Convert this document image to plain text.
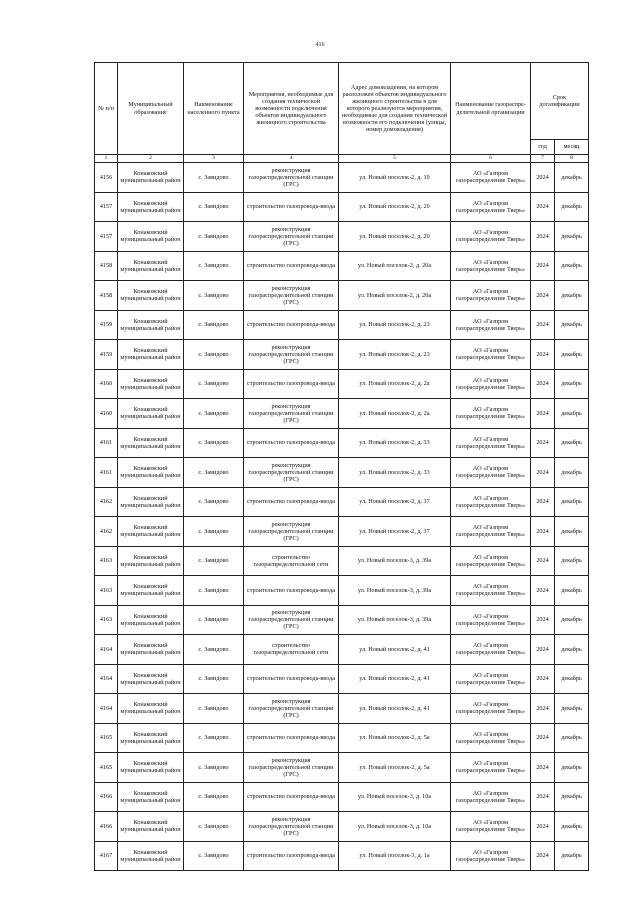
416
№ п/п	Муниципальный образование	Наименование населенного пункта	Мероприятия, необходимые для создания технической возможности подключения объектов индивидуального жилищного строительства	Адрес домовладения, на котором расположен объектов индивидуального жилищного строительства в для которого реализуются мероприятия, необходимые для создания технической возможности его подключения (улицы, номер домовладения)	Наименование газораспре- делительной организации	Срок догазификации	
						год	месяц
1	2	3	4	5	6	7	8
4156	Конаковский муниципальный район	с. Завидово	реконструкция газораспределительной станции (ГРС)	ул. Новый поселок-2, д. 10	АО «Газпром газораспределение Тверь»	2024	декабрь
4157	Конаковский муниципальный район	с. Завидово	строительство газопровода-ввода	ул. Новый поселок-2, д. 20	АО «Газпром газораспределение Тверь»	2024	декабрь
4157	Конаковский муниципальный район	с. Завидово	реконструкция газораспределительной станции (ГРС)	ул. Новый поселок-2, д. 20	АО «Газпром газораспределение Тверь»	2024	декабрь
4158	Конаковский муниципальный район	с. Завидово	строительство газопровода-ввода	ул. Новый поселок-2, д. 20а	АО «Газпром газораспределение Тверь»	2024	декабрь
4158	Конаковский муниципальный район	с. Завидово	реконструкция газораспределительной станции (ГРС)	ул. Новый поселок-2, д. 20а	АО «Газпром газораспределение Тверь»	2024	декабрь
4159	Конаковский муниципальный район	с. Завидово	строительство газопровода-ввода	ул. Новый поселок-2, д. 23	АО «Газпром газораспределение Тверь»	2024	декабрь
4159	Конаковский муниципальный район	с. Завидово	реконструкция газораспределительной станции (ГРС)	ул. Новый поселок-2, д. 23	АО «Газпром газораспределение Тверь»	2024	декабрь
4160	Конаковский муниципальный район	с. Завидово	строительство газопровода-ввода	ул. Новый поселок-2, д. 2а	АО «Газпром газораспределение Тверь»	2024	декабрь
4160	Конаковский муниципальный район	с. Завидово	реконструкция газораспределительной станции (ГРС)	ул. Новый поселок-2, д. 2а	АО «Газпром газораспределение Тверь»	2024	декабрь
4161	Конаковский муниципальный район	с. Завидово	строительство газопровода-ввода	ул. Новый поселок-2, д. 33	АО «Газпром газораспределение Тверь»	2024	декабрь
4161	Конаковский муниципальный район	с. Завидово	реконструкция газораспределительной станции (ГРС)	ул. Новый поселок-2, д. 33	АО «Газпром газораспределение Тверь»	2024	декабрь
4162	Конаковский муниципальный район	с. Завидово	строительство газопровода-ввода	ул. Новый поселок-2, д. 37	АО «Газпром газораспределение Тверь»	2024	декабрь
4162	Конаковский муниципальный район	с. Завидово	реконструкция газораспределительной станции (ГРС)	ул. Новый поселок-2, д. 37	АО «Газпром газораспределение Тверь»	2024	декабрь
4163	Конаковский муниципальный район	с. Завидово	строительство газораспределительной сети	ул. Новый поселок-3, д. 39а	АО «Газпром газораспределение Тверь»	2024	декабрь
4163	Конаковский муниципальный район	с. Завидово	строительство газопровода-ввода	ул. Новый поселок-3, д. 39а	АО «Газпром газораспределение Тверь»	2024	декабрь
4163	Конаковский муниципальный район	с. Завидово	реконструкция газораспределительной станции (ГРС)	ул. Новый поселок-3, д. 39а	АО «Газпром газораспределение Тверь»	2024	декабрь
4164	Конаковский муниципальный район	с. Завидово	строительство газораспределительной сети	ул. Новый поселок-2, д. 41	АО «Газпром газораспределение Тверь»	2024	декабрь
4164	Конаковский муниципальный район	с. Завидово	строительство газопровода-ввода	ул. Новый поселок-2, д. 41	АО «Газпром газораспределение Тверь»	2024	декабрь
4164	Конаковский муниципальный район	с. Завидово	реконструкция газораспределительной станции (ГРС)	ул. Новый поселок-2, д. 41	АО «Газпром газораспределение Тверь»	2024	декабрь
4165	Конаковский муниципальный район	с. Завидово	строительство газопровода-ввода	ул. Новый поселок-2, д. 5а	АО «Газпром газораспределение Тверь»	2024	декабрь
4165	Конаковский муниципальный район	с. Завидово	реконструкция газораспределительной станции (ГРС)	ул. Новый поселок-2, д. 5а	АО «Газпром газораспределение Тверь»	2024	декабрь
4166	Конаковский муниципальный район	с. Завидово	строительство газопровода-ввода	ул. Новый поселок-3, д. 10а	АО «Газпром газораспределение Тверь»	2024	декабрь
4166	Конаковский муниципальный район	с. Завидово	реконструкция газораспределительной станции (ГРС)	ул. Новый поселок-3, д. 10а	АО «Газпром газораспределение Тверь»	2024	декабрь
4167	Конаковский муниципальный район	с. Завидово	строительство газопровода-ввода	ул. Новый поселок-3, д. 1а	АО «Газпром газораспределение Тверь»	2024	декабрь
